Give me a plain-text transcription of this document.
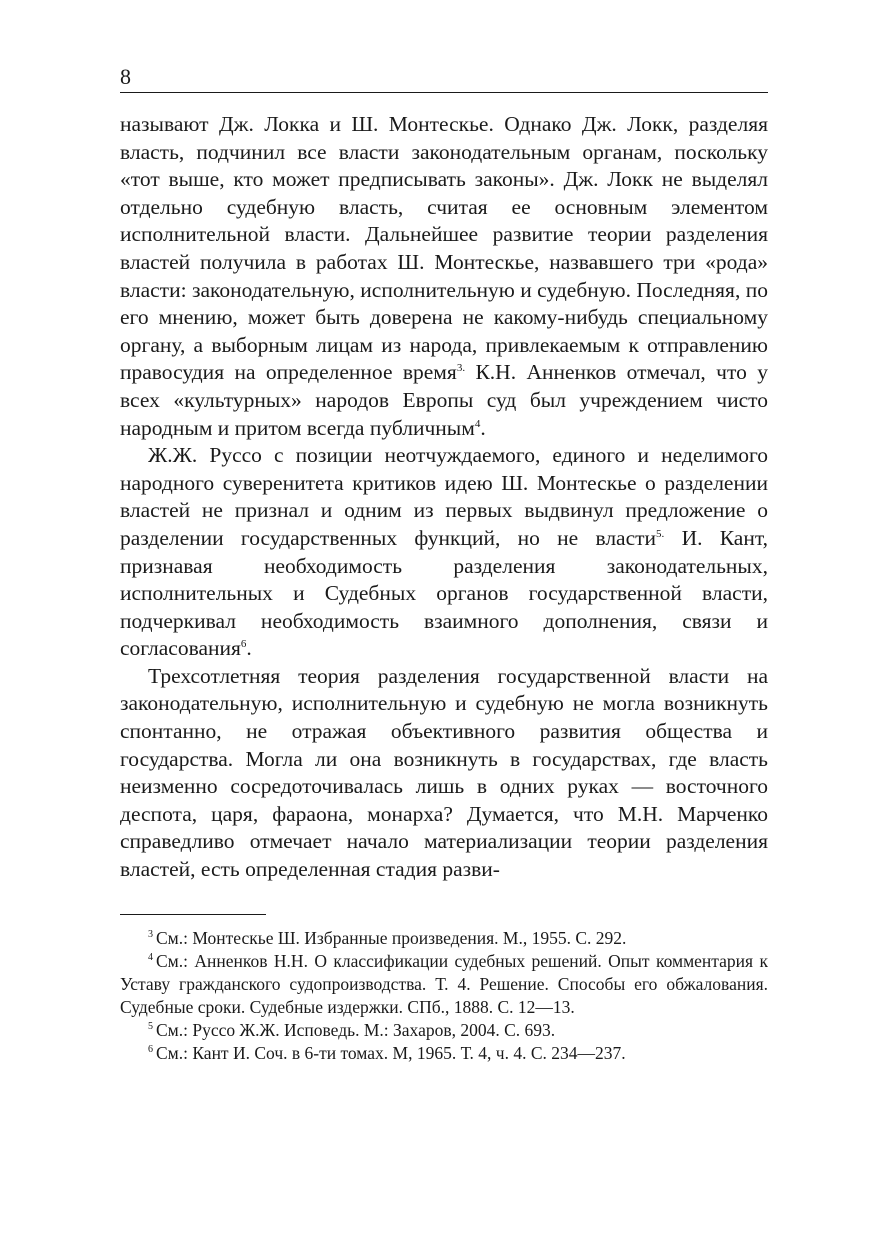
8

называют Дж. Локка и Ш. Монтескье. Однако Дж. Локк, разделяя власть, подчинил все власти законодательным органам, поскольку «тот выше, кто может предписывать законы». Дж. Локк не выделял отдельно судебную власть, считая ее основным элементом исполнительной власти. Дальнейшее развитие теории разделения властей получила в работах Ш. Монтескье, назвавшего три «рода» власти: законодательную, исполнительную и судебную. Последняя, по его мнению, может быть доверена не какому-нибудь специальному органу, а выборным лицам из народа, привлекаемым к отправлению правосудия на определенное время$^{3.}$ К.Н. Анненков отмечал, что у всех «культурных» народов Европы суд был учреждением чисто народным и притом всегда публичным$^4$.

Ж.Ж. Руссо с позиции неотчуждаемого, единого и неделимого народного суверенитета критиков идею Ш. Монтескье о разделении властей не признал и одним из первых выдвинул предложение о разделении государственных функций, но не власти$^{5.}$ И. Кант, признавая необходимость разделения законодательных, исполнительных и Судебных органов государственной власти, подчеркивал необходимость взаимного дополнения, связи и согласования$^6$.

Трехсотлетняя теория разделения государственной власти на законодательную, исполнительную и судебную не могла возникнуть спонтанно, не отражая объективного развития общества и государства. Могла ли она возникнуть в государствах, где власть неизменно сосредоточивалась лишь в одних руках — восточного деспота, царя, фараона, монарха? Думается, что М.Н. Марченко справедливо отмечает начало материализации теории разделения властей, есть определенная стадия разви-

$^3$ См.: Монтескье Ш. Избранные произведения. М., 1955. С. 292.

$^4$ См.: Анненков Н.Н. О классификации судебных решений. Опыт комментария к Уставу гражданского судопроизводства. Т. 4. Решение. Способы его обжалования. Судебные сроки. Судебные издержки. СПб., 1888. С. 12—13.

$^5$ См.: Руссо Ж.Ж. Исповедь. М.: Захаров, 2004. С. 693.

$^6$ См.: Кант И. Соч. в 6-ти томах. М, 1965. Т. 4, ч. 4. С. 234—237.
